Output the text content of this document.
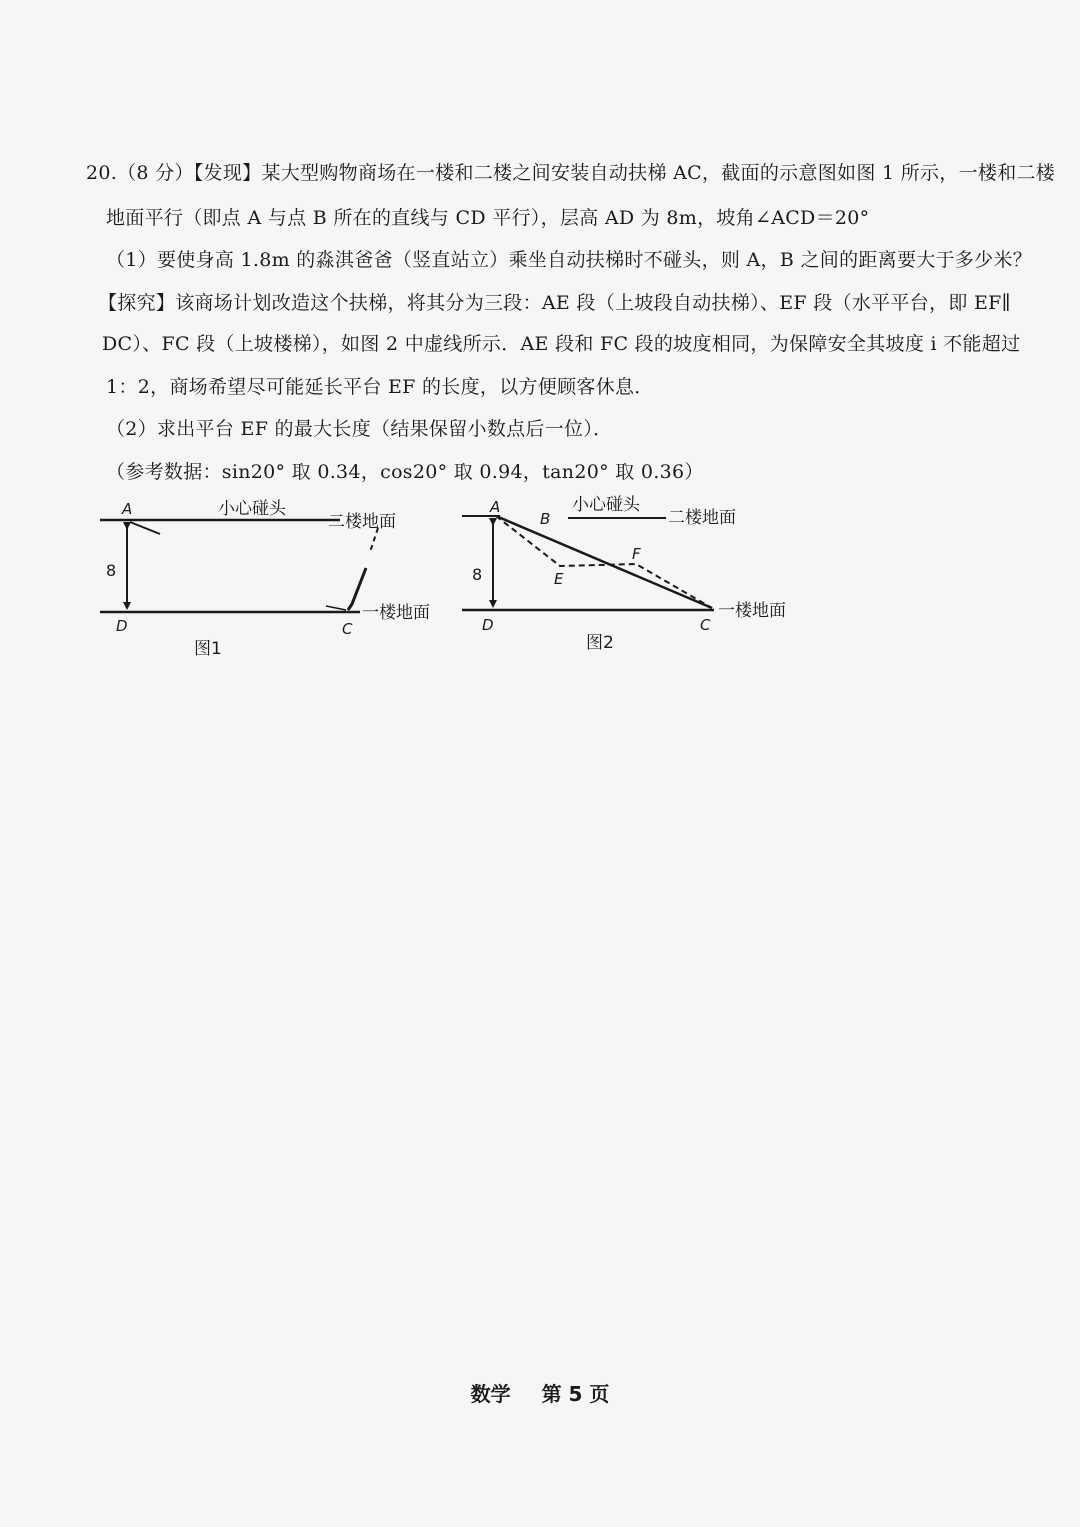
20.（8 分）【发现】某大型购物商场在一楼和二楼之间安装自动扶梯 AC，截面的示意图如图 1 所示，一楼和二楼
地面平行（即点 A 与点 B 所在的直线与 CD 平行），层高 AD 为 8m，坡角∠ACD＝20°
（1）要使身高 1.8m 的淼淇爸爸（竖直站立）乘坐自动扶梯时不碰头，则 A，B 之间的距离要大于多少米？
【探究】该商场计划改造这个扶梯，将其分为三段：AE 段（上坡段自动扶梯）、EF 段（水平平台，即 EF∥
DC）、FC 段（上坡楼梯），如图 2 中虚线所示．AE 段和 FC 段的坡度相同，为保障安全其坡度 i 不能超过
1：2，商场希望尽可能延长平台 EF 的长度，以方便顾客休息．
（2）求出平台 EF 的最大长度（结果保留小数点后一位）．
（参考数据：sin20° 取 0.34，cos20° 取 0.94，tan20° 取 0.36）
A	小心碰头
二楼地面
8
D	C
一楼地面
图1
A
B
小心碰头
二楼地面
8	E
F
D	C
一楼地面
图2
数学 第 5 页
